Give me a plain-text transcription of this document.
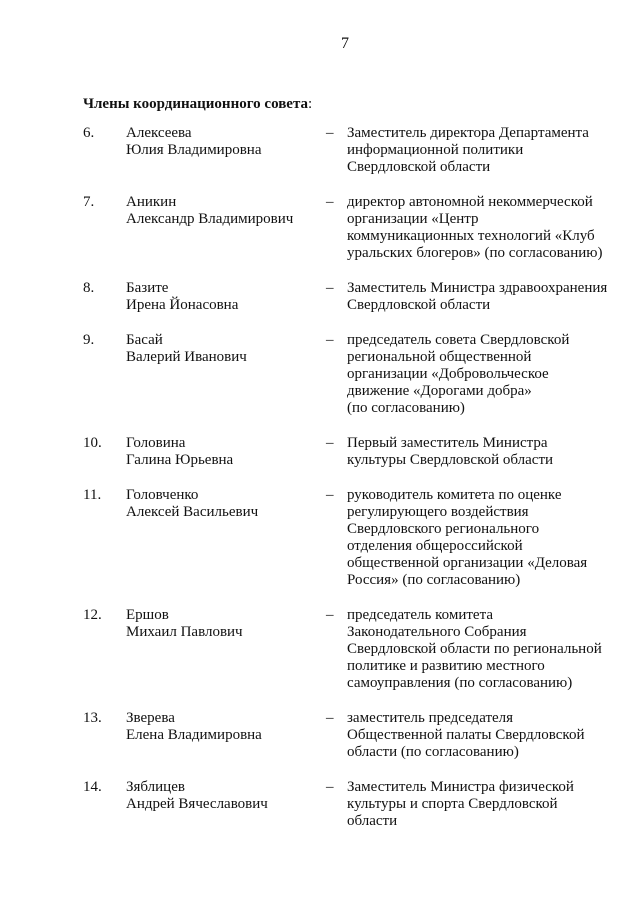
7
Члены координационного совета:
6.	Алексеева
Юлия Владимировна
– Заместитель директора Департамента
информационной политики
Свердловской области
7.	Аникин
Александр Владимирович
– директор автономной некоммерческой
организации «Центр
коммуникационных технологий «Клуб
уральских блогеров» (по согласованию)
8.	Базите
Ирена Йонасовна
– Заместитель Министра здравоохранения
Свердловской области
9.	Басай
Валерий Иванович
– председатель совета Свердловской
региональной общественной
организации «Добровольческое
движение «Дорогами добра»
(по согласованию)
10.	Головина
Галина Юрьевна
– Первый заместитель Министра
культуры Свердловской области
11.	Головченко
Алексей Васильевич
– руководитель комитета по оценке
регулирующего воздействия
Свердловского регионального
отделения общероссийской
общественной организации «Деловая
Россия» (по согласованию)
12.	Ершов
Михаил Павлович
– председатель комитета
Законодательного Собрания
Свердловской области по региональной
политике и развитию местного
самоуправления (по согласованию)
13.	Зверева
Елена Владимировна
– заместитель председателя
Общественной палаты Свердловской
области (по согласованию)
14.	Зяблицев
Андрей Вячеславович
– Заместитель Министра физической
культуры и спорта Свердловской
области
